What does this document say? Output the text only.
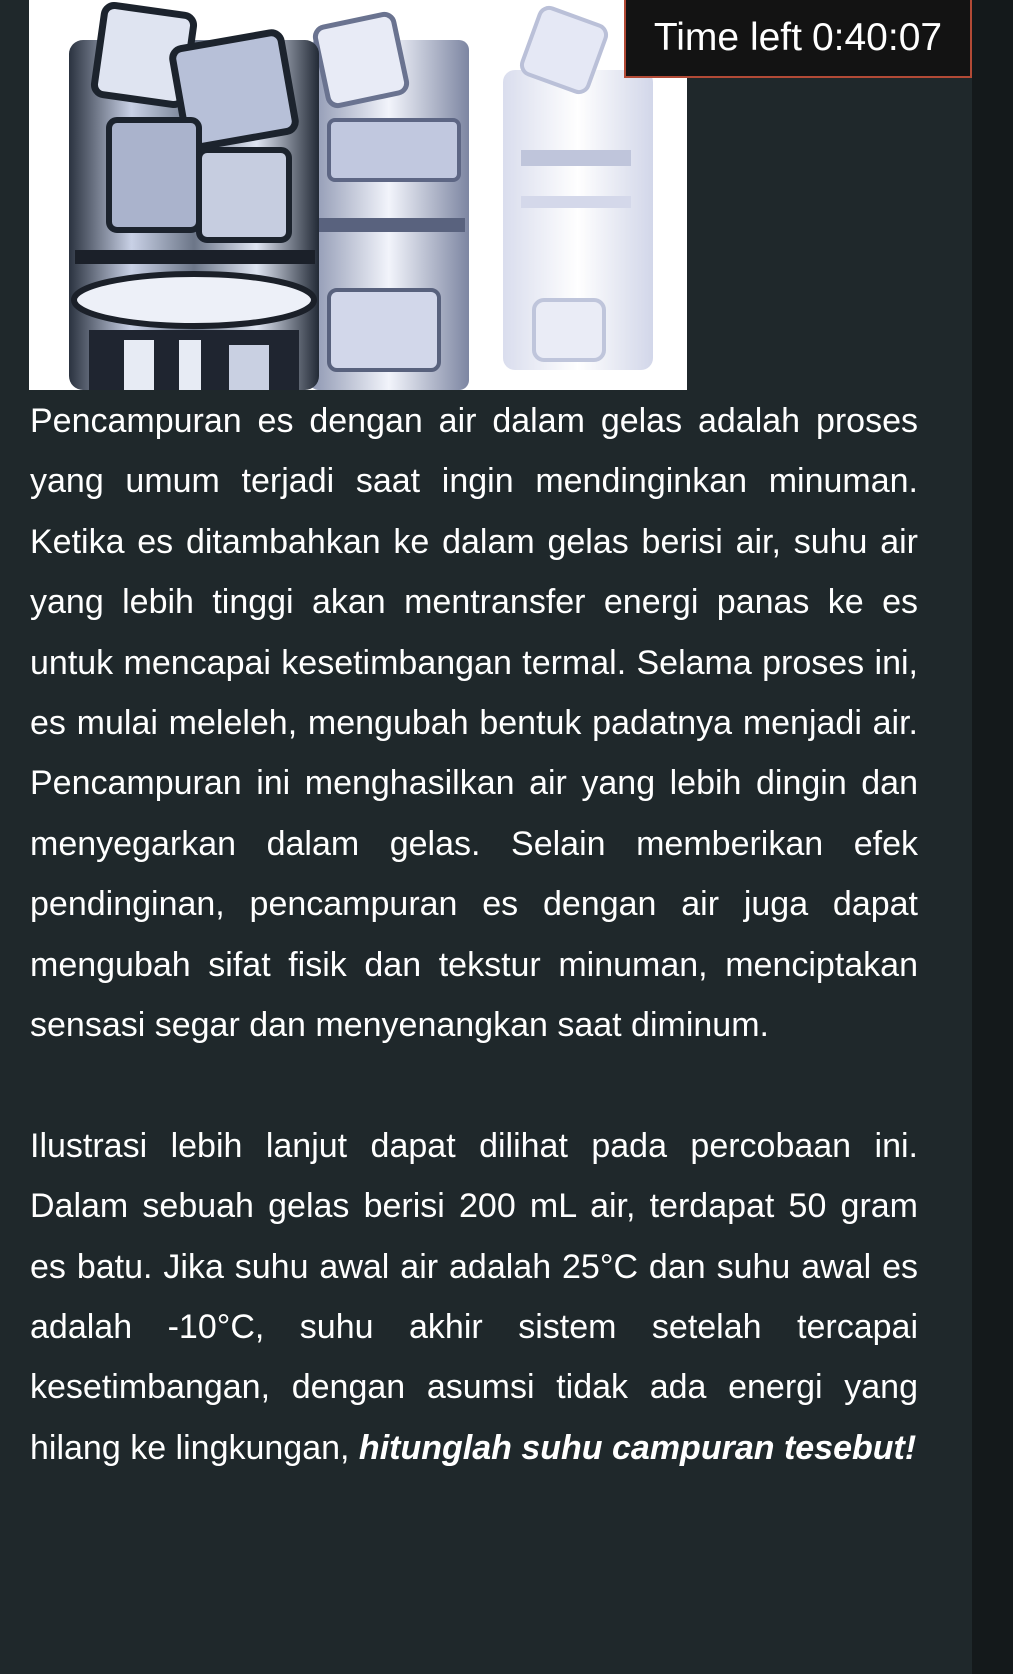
Pencampuran es dengan air dalam gelas adalah proses yang umum terjadi saat ingin mendinginkan minuman. Ketika es ditambahkan ke dalam gelas berisi air, suhu air yang lebih tinggi akan mentransfer energi panas ke es untuk mencapai kesetimbangan termal. Selama proses ini, es mulai meleleh, mengubah bentuk padatnya menjadi air. Pencampuran ini menghasilkan air yang lebih dingin dan menyegarkan dalam gelas. Selain memberikan efek pendinginan, pencampuran es dengan air juga dapat mengubah sifat fisik dan tekstur minuman, menciptakan sensasi segar dan menyenangkan saat diminum.

Ilustrasi lebih lanjut dapat dilihat pada percobaan ini. Dalam sebuah gelas berisi 200 mL air, terdapat 50 gram es batu. Jika suhu awal air adalah 25°C dan suhu awal es adalah -10°C, suhu akhir sistem setelah tercapai kesetimbangan, dengan asumsi tidak ada energi yang hilang ke lingkungan, hitunglah suhu campuran tesebut!

Time left 0:40:07
